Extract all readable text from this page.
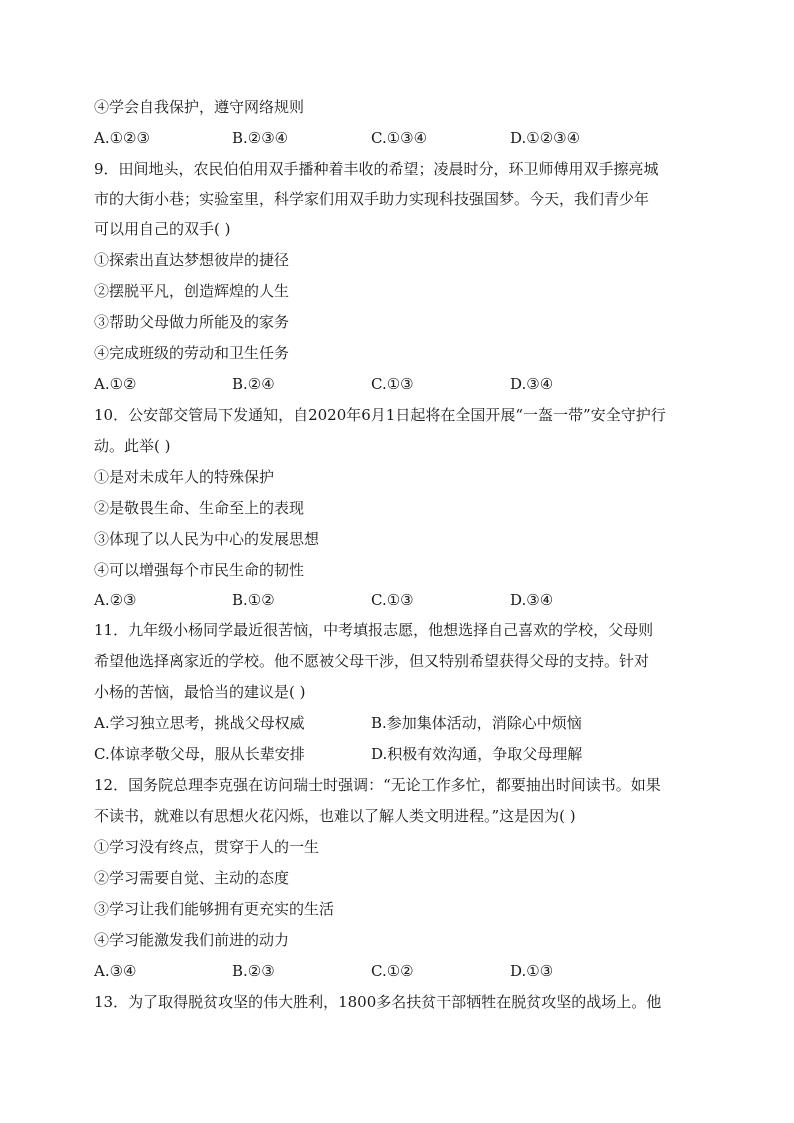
④学会自我保护，遵守网络规则
A.①②③	B.②③④	C.①③④	D.①②③④
9．田间地头，农民伯伯用双手播种着丰收的希望；凌晨时分，环卫师傅用双手擦亮城
市的大街小巷；实验室里，科学家们用双手助力实现科技强国梦。今天，我们青少年
可以用自己的双手( )
①探索出直达梦想彼岸的捷径
②摆脱平凡，创造辉煌的人生
③帮助父母做力所能及的家务
④完成班级的劳动和卫生任务
A.①②	B.②④	C.①③	D.③④
10．公安部交管局下发通知，自2020年6月1日起将在全国开展“一盔一带”安全守护行
动。此举( )
①是对未成年人的特殊保护
②是敬畏生命、生命至上的表现
③体现了以人民为中心的发展思想
④可以增强每个市民生命的韧性
A.②③	B.①②	C.①③	D.③④
11．九年级小杨同学最近很苦恼，中考填报志愿，他想选择自己喜欢的学校，父母则
希望他选择离家近的学校。他不愿被父母干涉，但又特别希望获得父母的支持。针对
小杨的苦恼，最恰当的建议是( )
A.学习独立思考，挑战父母权威	B.参加集体活动，消除心中烦恼
C.体谅孝敬父母，服从长辈安排	D.积极有效沟通，争取父母理解
12．国务院总理李克强在访问瑞士时强调：“无论工作多忙，都要抽出时间读书。如果
不读书，就难以有思想火花闪烁，也难以了解人类文明进程。”这是因为( )
①学习没有终点，贯穿于人的一生
②学习需要自觉、主动的态度
③学习让我们能够拥有更充实的生活
④学习能激发我们前进的动力
A.③④	B.②③	C.①②	D.①③
13．为了取得脱贫攻坚的伟大胜利，1800多名扶贫干部牺牲在脱贫攻坚的战场上。他
